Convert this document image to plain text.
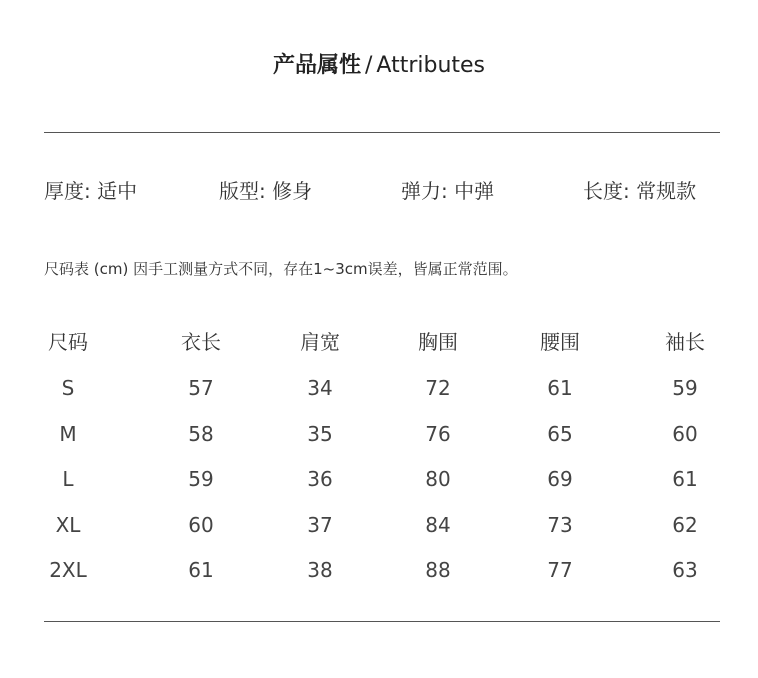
产品属性 / Attributes
厚度 : 适中	版型 : 修身	弹力 : 中弹	长度 : 常规款
尺码表 (cm) 因手工测量方式不同，存在1~3cm误差，皆属正常范围。
尺码	衣长	肩宽	胸围	腰围	袖长
S	57	34	72	61	59
M	58	35	76	65	60
L	59	36	80	69	61
XL	60	37	84	73	62
2XL	61	38	88	77	63
